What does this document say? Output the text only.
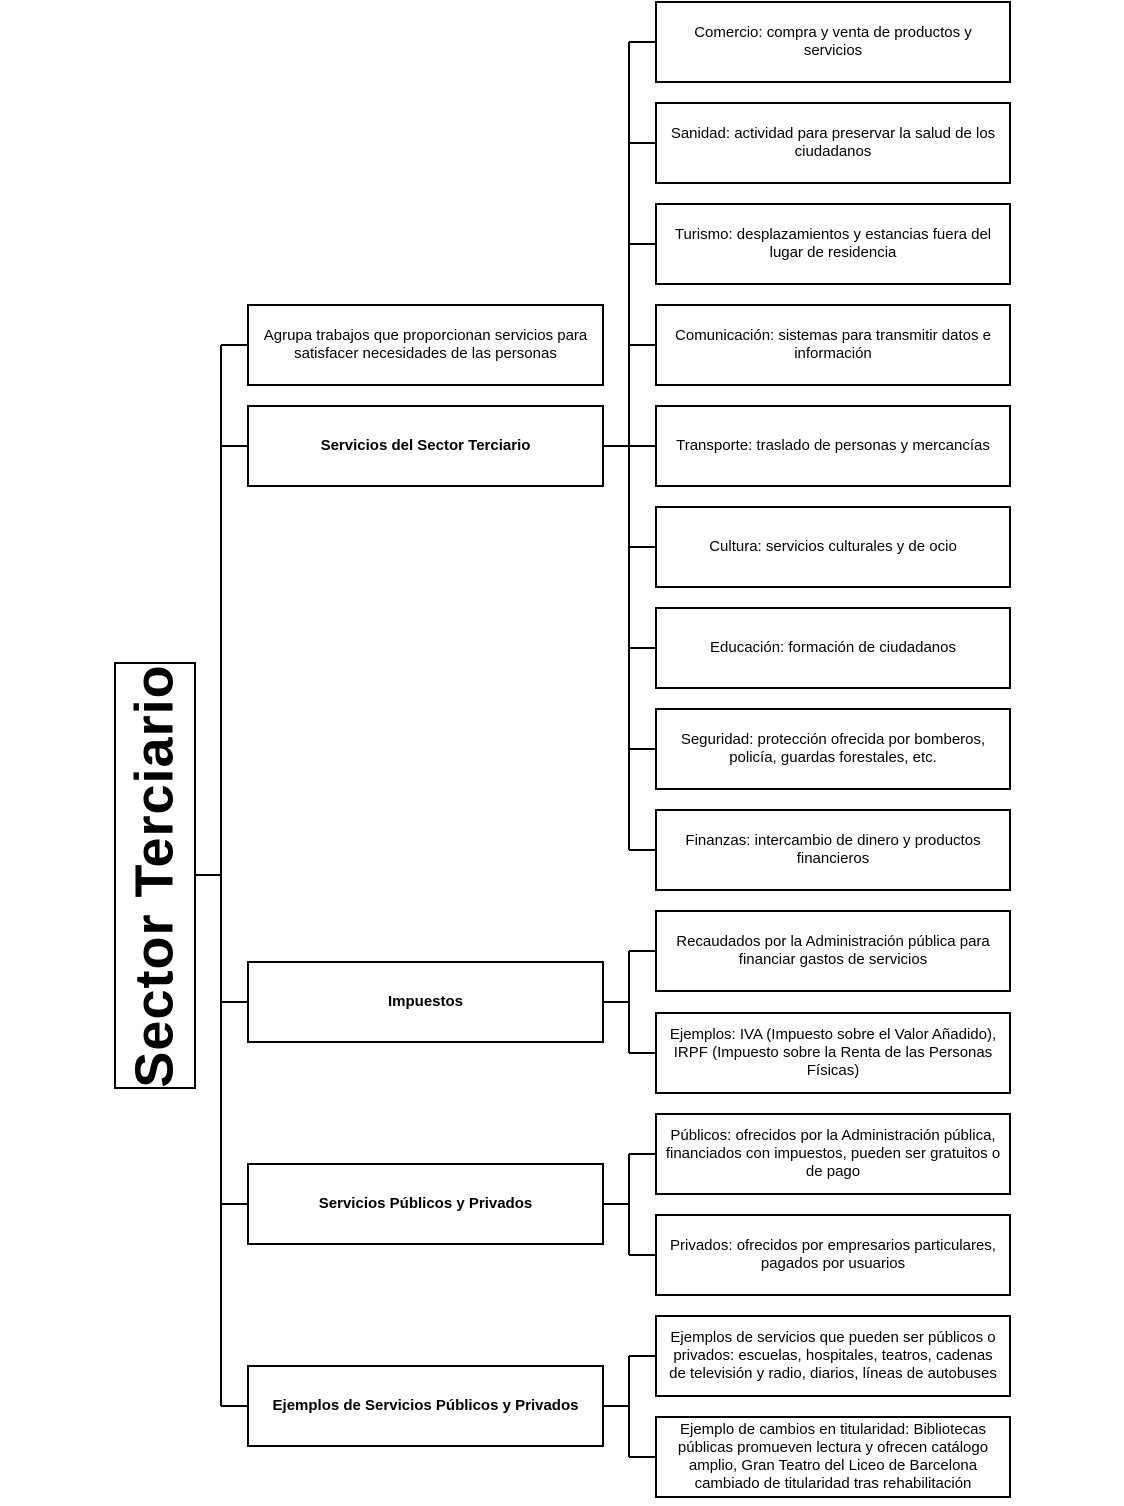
Sector Terciario
Agrupa trabajos que proporcionan servicios para satisfacer necesidades de las personas
Servicios del Sector Terciario
Comercio: compra y venta de productos y servicios
Sanidad: actividad para preservar la salud de los ciudadanos
Turismo: desplazamientos y estancias fuera del lugar de residencia
Comunicación: sistemas para transmitir datos e información
Transporte: traslado de personas y mercancías
Cultura: servicios culturales y de ocio
Educación: formación de ciudadanos
Seguridad: protección ofrecida por bomberos, policía, guardas forestales, etc.
Finanzas: intercambio de dinero y productos financieros
Impuestos
Recaudados por la Administración pública para financiar gastos de servicios
Ejemplos: IVA (Impuesto sobre el Valor Añadido), IRPF (Impuesto sobre la Renta de las Personas Físicas)
Servicios Públicos y Privados
Públicos: ofrecidos por la Administración pública, financiados con impuestos, pueden ser gratuitos o de pago
Privados: ofrecidos por empresarios particulares, pagados por usuarios
Ejemplos de Servicios Públicos y Privados
Ejemplos de servicios que pueden ser públicos o privados: escuelas, hospitales, teatros, cadenas de televisión y radio, diarios, líneas de autobuses
Ejemplo de cambios en titularidad: Bibliotecas públicas promueven lectura y ofrecen catálogo amplio, Gran Teatro del Liceo de Barcelona cambiado de titularidad tras rehabilitación
